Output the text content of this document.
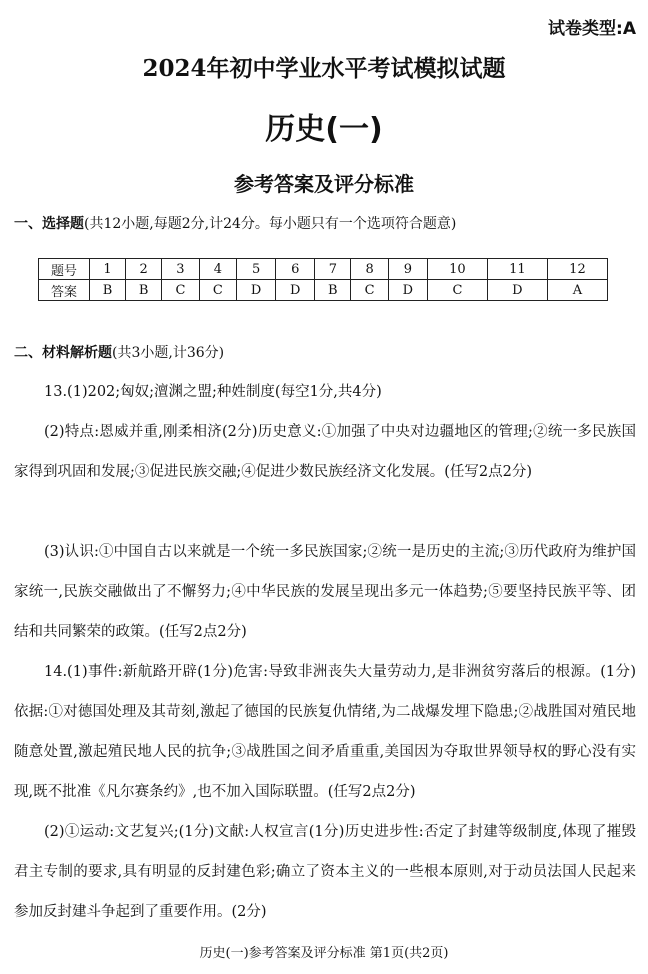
试卷类型:A
2024年初中学业水平考试模拟试题
历史(一)
参考答案及评分标准
一、选择题(共12小题,每题2分,计24分。每小题只有一个选项符合题意)
题号	1	2	3	4	5	6	7	8	9	10	11	12
答案	B	B	C	C	D	D	B	C	D	C	D	A
二、材料解析题(共3小题,计36分)
13.(1)202;匈奴;澶渊之盟;种姓制度(每空1分,共4分)
(2)特点:恩威并重,刚柔相济(2分)历史意义:①加强了中央对边疆地区的管理;②统一多民族国家得到巩固和发展;③促进民族交融;④促进少数民族经济文化发展。(任写2点2分)
(3)认识:①中国自古以来就是一个统一多民族国家;②统一是历史的主流;③历代政府为维护国家统一,民族交融做出了不懈努力;④中华民族的发展呈现出多元一体趋势;⑤要坚持民族平等、团结和共同繁荣的政策。(任写2点2分)
14.(1)事件:新航路开辟(1分)危害:导致非洲丧失大量劳动力,是非洲贫穷落后的根源。(1分)依据:①对德国处理及其苛刻,激起了德国的民族复仇情绪,为二战爆发埋下隐患;②战胜国对殖民地随意处置,激起殖民地人民的抗争;③战胜国之间矛盾重重,美国因为夺取世界领导权的野心没有实现,既不批准《凡尔赛条约》,也不加入国际联盟。(任写2点2分)
(2)①运动:文艺复兴;(1分)文献:人权宣言(1分)历史进步性:否定了封建等级制度,体现了摧毁君主专制的要求,具有明显的反封建色彩;确立了资本主义的一些根本原则,对于动员法国人民起来参加反封建斗争起到了重要作用。(2分)
历史(一)参考答案及评分标准 第1页(共2页)
